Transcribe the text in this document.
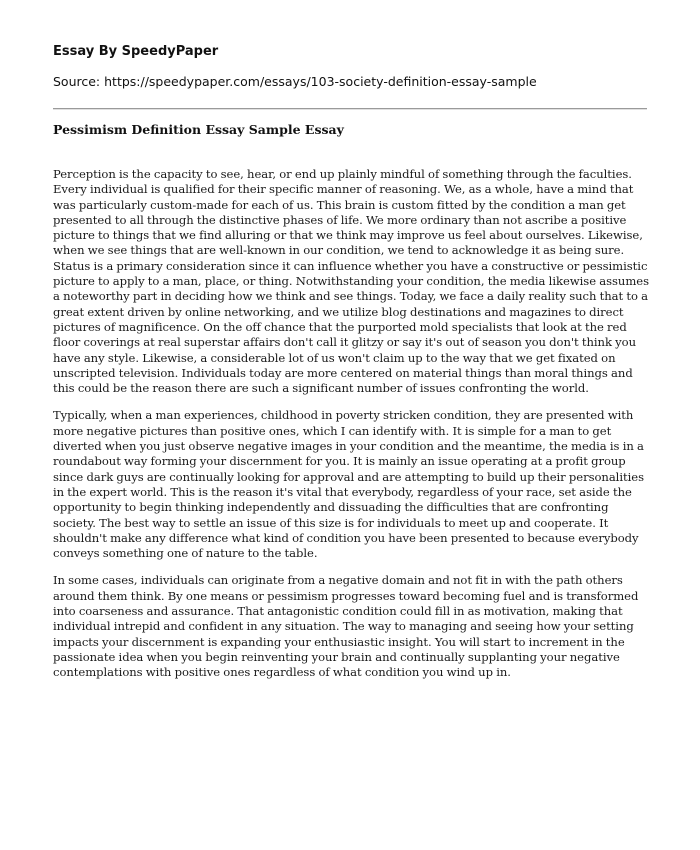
Essay By SpeedyPaper
Source: https://speedypaper.com/essays/103-society-definition-essay-sample
Pessimism Definition Essay Sample Essay

Perception is the capacity to see, hear, or end up plainly mindful of something through the faculties. Every individual is qualified for their specific manner of reasoning. We, as a whole, have a mind that was particularly custom-made for each of us. This brain is custom fitted by the condition a man get presented to all through the distinctive phases of life. We more ordinary than not ascribe a positive picture to things that we find alluring or that we think may improve us feel about ourselves. Likewise, when we see things that are well-known in our condition, we tend to acknowledge it as being sure. Status is a primary consideration since it can influence whether you have a constructive or pessimistic picture to apply to a man, place, or thing. Notwithstanding your condition, the media likewise assumes a noteworthy part in deciding how we think and see things. Today, we face a daily reality such that to a great extent driven by online networking, and we utilize blog destinations and magazines to direct pictures of magnificence. On the off chance that the purported mold specialists that look at the red floor coverings at real superstar affairs don't call it glitzy or say it's out of season you don't think you have any style. Likewise, a considerable lot of us won't claim up to the way that we get fixated on unscripted television. Individuals today are more centered on material things than moral things and this could be the reason there are such a significant number of issues confronting the world.

Typically, when a man experiences, childhood in poverty stricken condition, they are presented with more negative pictures than positive ones, which I can identify with. It is simple for a man to get diverted when you just observe negative images in your condition and the meantime, the media is in a roundabout way forming your discernment for you. It is mainly an issue operating at a profit group since dark guys are continually looking for approval and are attempting to build up their personalities in the expert world. This is the reason it's vital that everybody, regardless of your race, set aside the opportunity to begin thinking independently and dissuading the difficulties that are confronting society. The best way to settle an issue of this size is for individuals to meet up and cooperate. It shouldn't make any difference what kind of condition you have been presented to because everybody conveys something one of nature to the table.

In some cases, individuals can originate from a negative domain and not fit in with the path others around them think. By one means or pessimism progresses toward becoming fuel and is transformed into coarseness and assurance. That antagonistic condition could fill in as motivation, making that individual intrepid and confident in any situation. The way to managing and seeing how your setting impacts your discernment is expanding your enthusiastic insight. You will start to increment in the passionate idea when you begin reinventing your brain and continually supplanting your negative contemplations with positive ones regardless of what condition you wind up in.
